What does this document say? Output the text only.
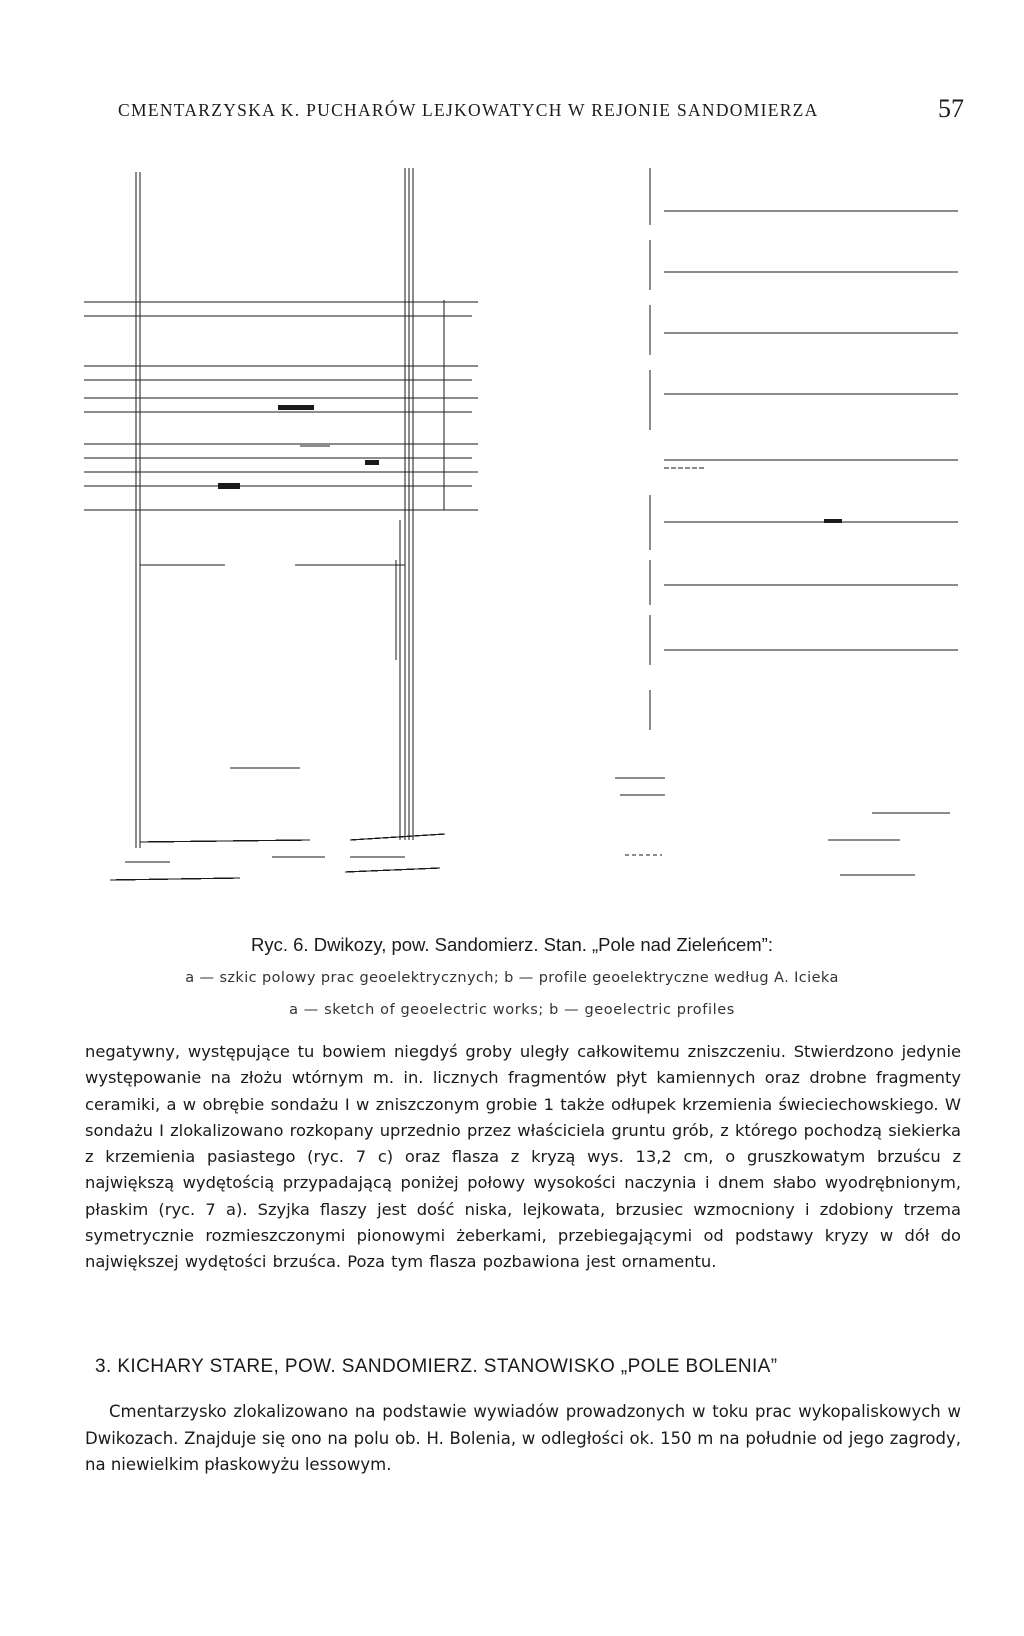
CMENTARZYSKA K. PUCHARÓW LEJKOWATYCH W REJONIE SANDOMIERZA	57
Ryc. 6. Dwikozy, pow. Sandomierz. Stan. „Pole nad Zieleńcem”:
a — szkic polowy prac geoelektrycznych; b — profile geoelektryczne według A. Icieka
a — sketch of geoelectric works; b — geoelectric profiles

negatywny, występujące tu bowiem niegdyś groby uległy całkowitemu zniszczeniu. Stwierdzono jedynie występowanie na złożu wtórnym m. in. licznych fragmentów płyt kamiennych oraz drobne fragmenty ceramiki, a w obrębie sondażu I w zniszczonym grobie 1 także odłupek krzemienia świeciechowskiego. W sondażu I zlokalizowano rozkopany uprzednio przez właściciela gruntu grób, z którego pochodzą siekierka z krzemienia pasiastego (ryc. 7 c) oraz flasza z kryzą wys. 13,2 cm, o gruszkowatym brzuścu z największą wydętością przypadającą poniżej połowy wysokości naczynia i dnem słabo wyodrębnionym, płaskim (ryc. 7 a). Szyjka flaszy jest dość niska, lejkowata, brzusiec wzmocniony i zdobiony trzema symetrycznie rozmieszczonymi pionowymi żeberkami, przebiegającymi od podstawy kryzy w dół do największej wydętości brzuśca. Poza tym flasza pozbawiona jest ornamentu.

3. KICHARY STARE, POW. SANDOMIERZ. STANOWISKO „POLE BOLENIA”

Cmentarzysko zlokalizowano na podstawie wywiadów prowadzonych w toku prac wykopaliskowych w Dwikozach. Znajduje się ono na polu ob. H. Bolenia, w odległości ok. 150 m na południe od jego zagrody, na niewielkim płaskowyżu lessowym.
